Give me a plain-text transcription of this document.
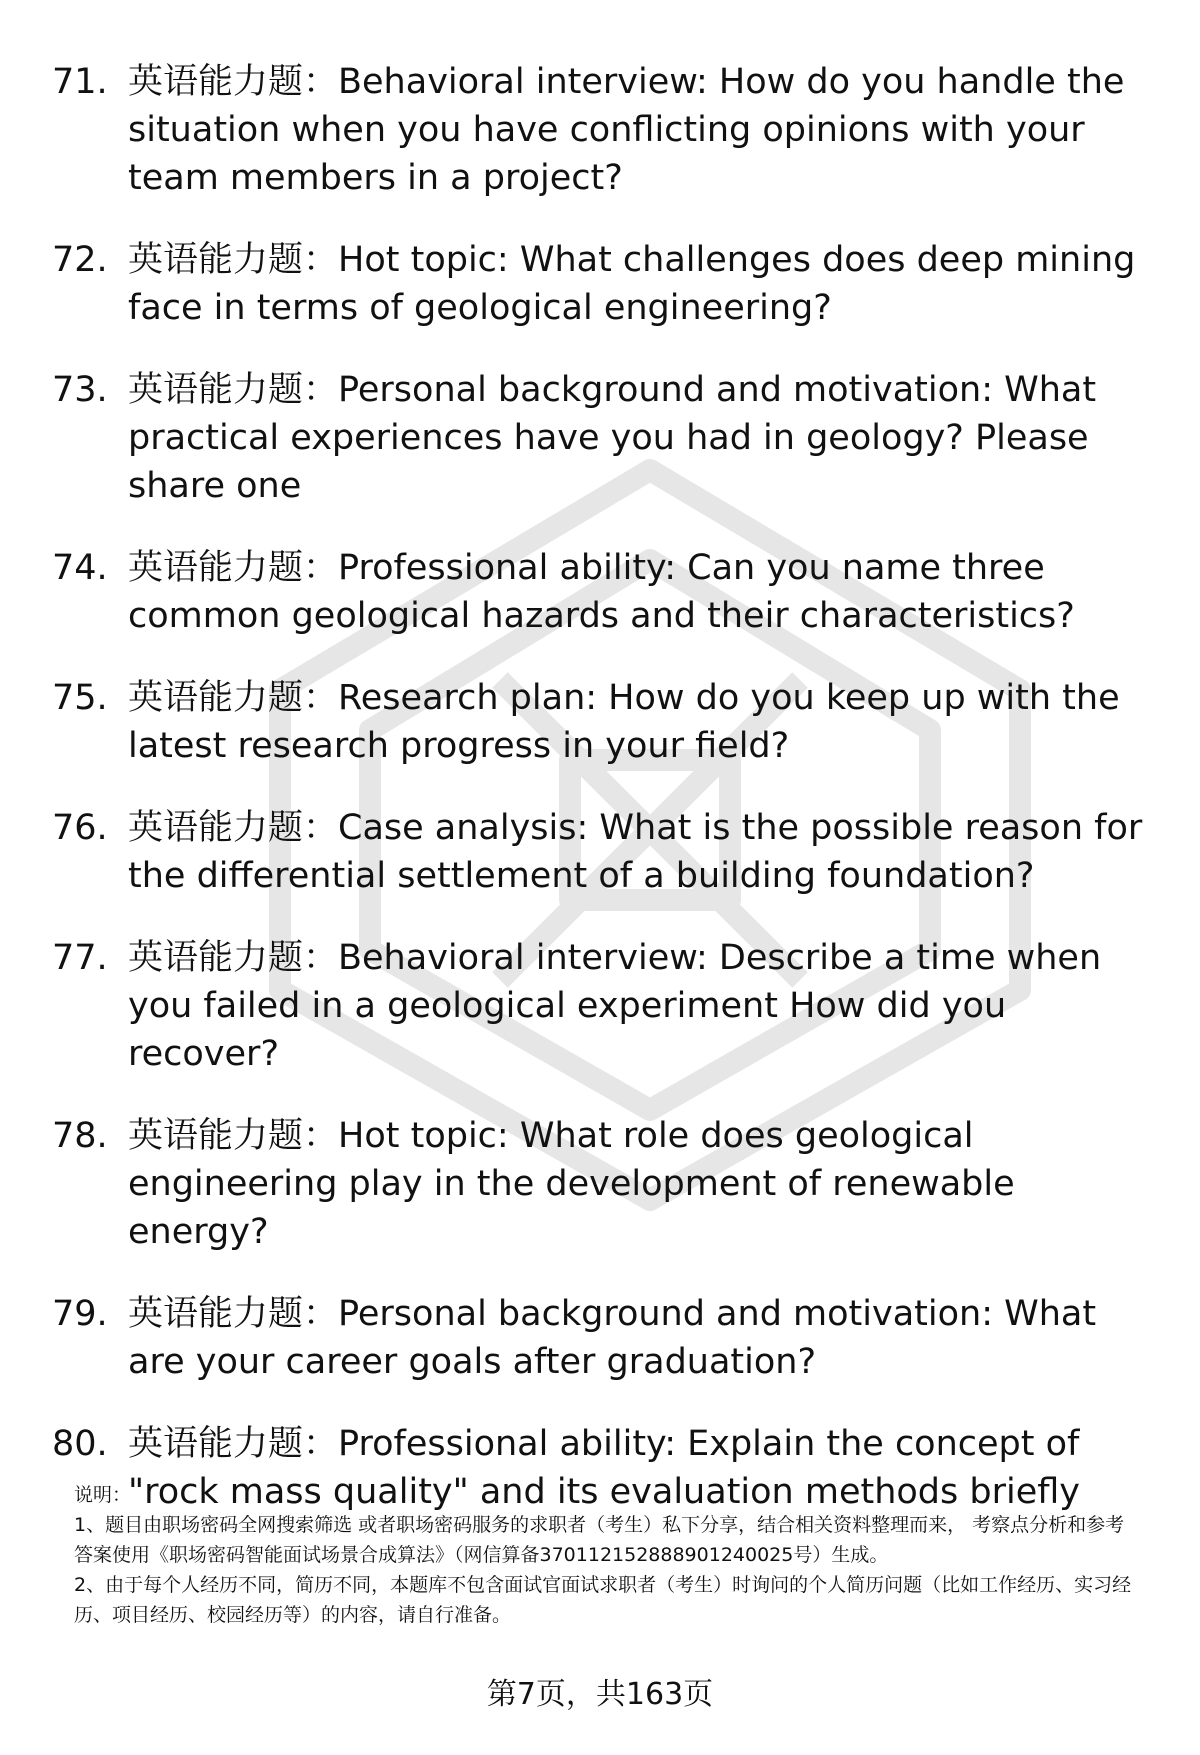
71. 英语能力题：Behavioral interview: How do you handle the situation when you have conflicting opinions with your team members in a project?
72. 英语能力题：Hot topic: What challenges does deep mining face in terms of geological engineering?
73. 英语能力题：Personal background and motivation: What practical experiences have you had in geology? Please share one
74. 英语能力题：Professional ability: Can you name three common geological hazards and their characteristics?
75. 英语能力题：Research plan: How do you keep up with the latest research progress in your field?
76. 英语能力题：Case analysis: What is the possible reason for the differential settlement of a building foundation?
77. 英语能力题：Behavioral interview: Describe a time when you failed in a geological experiment How did you recover?
78. 英语能力题：Hot topic: What role does geological engineering play in the development of renewable energy?
79. 英语能力题：Personal background and motivation: What are your career goals after graduation?
80. 英语能力题：Professional ability: Explain the concept of "rock mass quality" and its evaluation methods briefly

说明：

1、题目由职场密码全网搜索筛选 或者职场密码服务的求职者（考生）私下分享，结合相关资料整理而来， 考察点分析和参考答案使用《职场密码智能面试场景合成算法》（网信算备370112152888901240025号）生成。

2、由于每个人经历不同，简历不同，本题库不包含面试官面试求职者（考生）时询问的个人简历问题（比如工作经历、实习经历、项目经历、校园经历等）的内容，请自行准备。

第7页，共163页
